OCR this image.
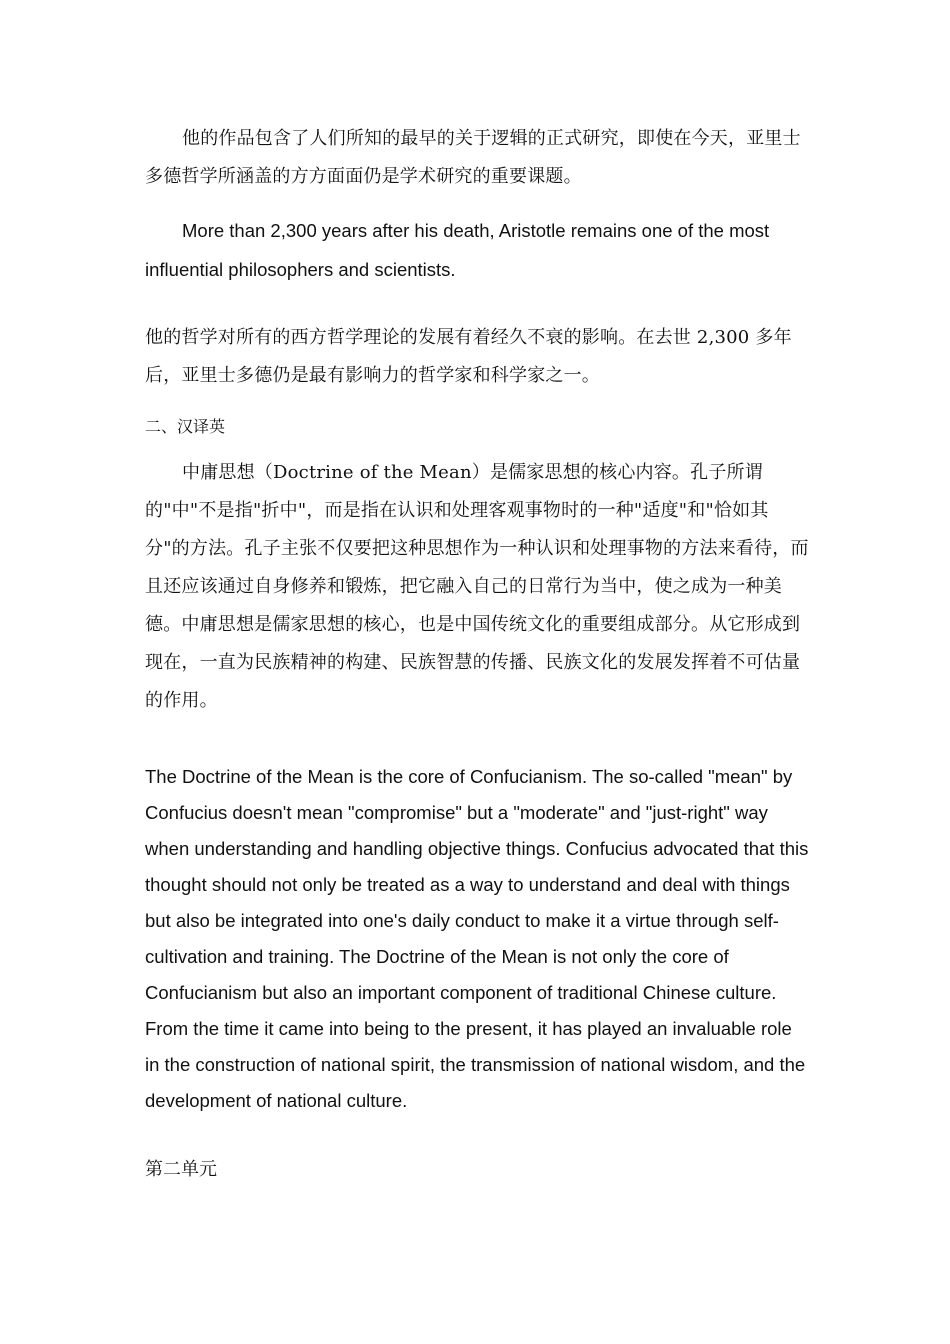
他的作品包含了人们所知的最早的关于逻辑的正式研究，即使在今天，亚里士多德哲学所涵盖的方方面面仍是学术研究的重要课题。

More than 2,300 years after his death, Aristotle remains one of the most influential philosophers and scientists.

他的哲学对所有的西方哲学理论的发展有着经久不衰的影响。在去世 2,300 多年后，亚里士多德仍是最有影响力的哲学家和科学家之一。

二、汉译英

中庸思想（Doctrine of the Mean）是儒家思想的核心内容。孔子所谓的"中"不是指"折中"，而是指在认识和处理客观事物时的一种"适度"和"恰如其分"的方法。孔子主张不仅要把这种思想作为一种认识和处理事物的方法来看待，而且还应该通过自身修养和锻炼，把它融入自己的日常行为当中，使之成为一种美德。中庸思想是儒家思想的核心，也是中国传统文化的重要组成部分。从它形成到现在，一直为民族精神的构建、民族智慧的传播、民族文化的发展发挥着不可估量的作用。

The Doctrine of the Mean is the core of Confucianism. The so-called "mean" by Confucius doesn't mean "compromise" but a "moderate" and "just-right" way when understanding and handling objective things. Confucius advocated that this thought should not only be treated as a way to understand and deal with things but also be integrated into one's daily conduct to make it a virtue through self-cultivation and training. The Doctrine of the Mean is not only the core of Confucianism but also an important component of traditional Chinese culture. From the time it came into being to the present, it has played an invaluable role in the construction of national spirit, the transmission of national wisdom, and the development of national culture.

第二单元
